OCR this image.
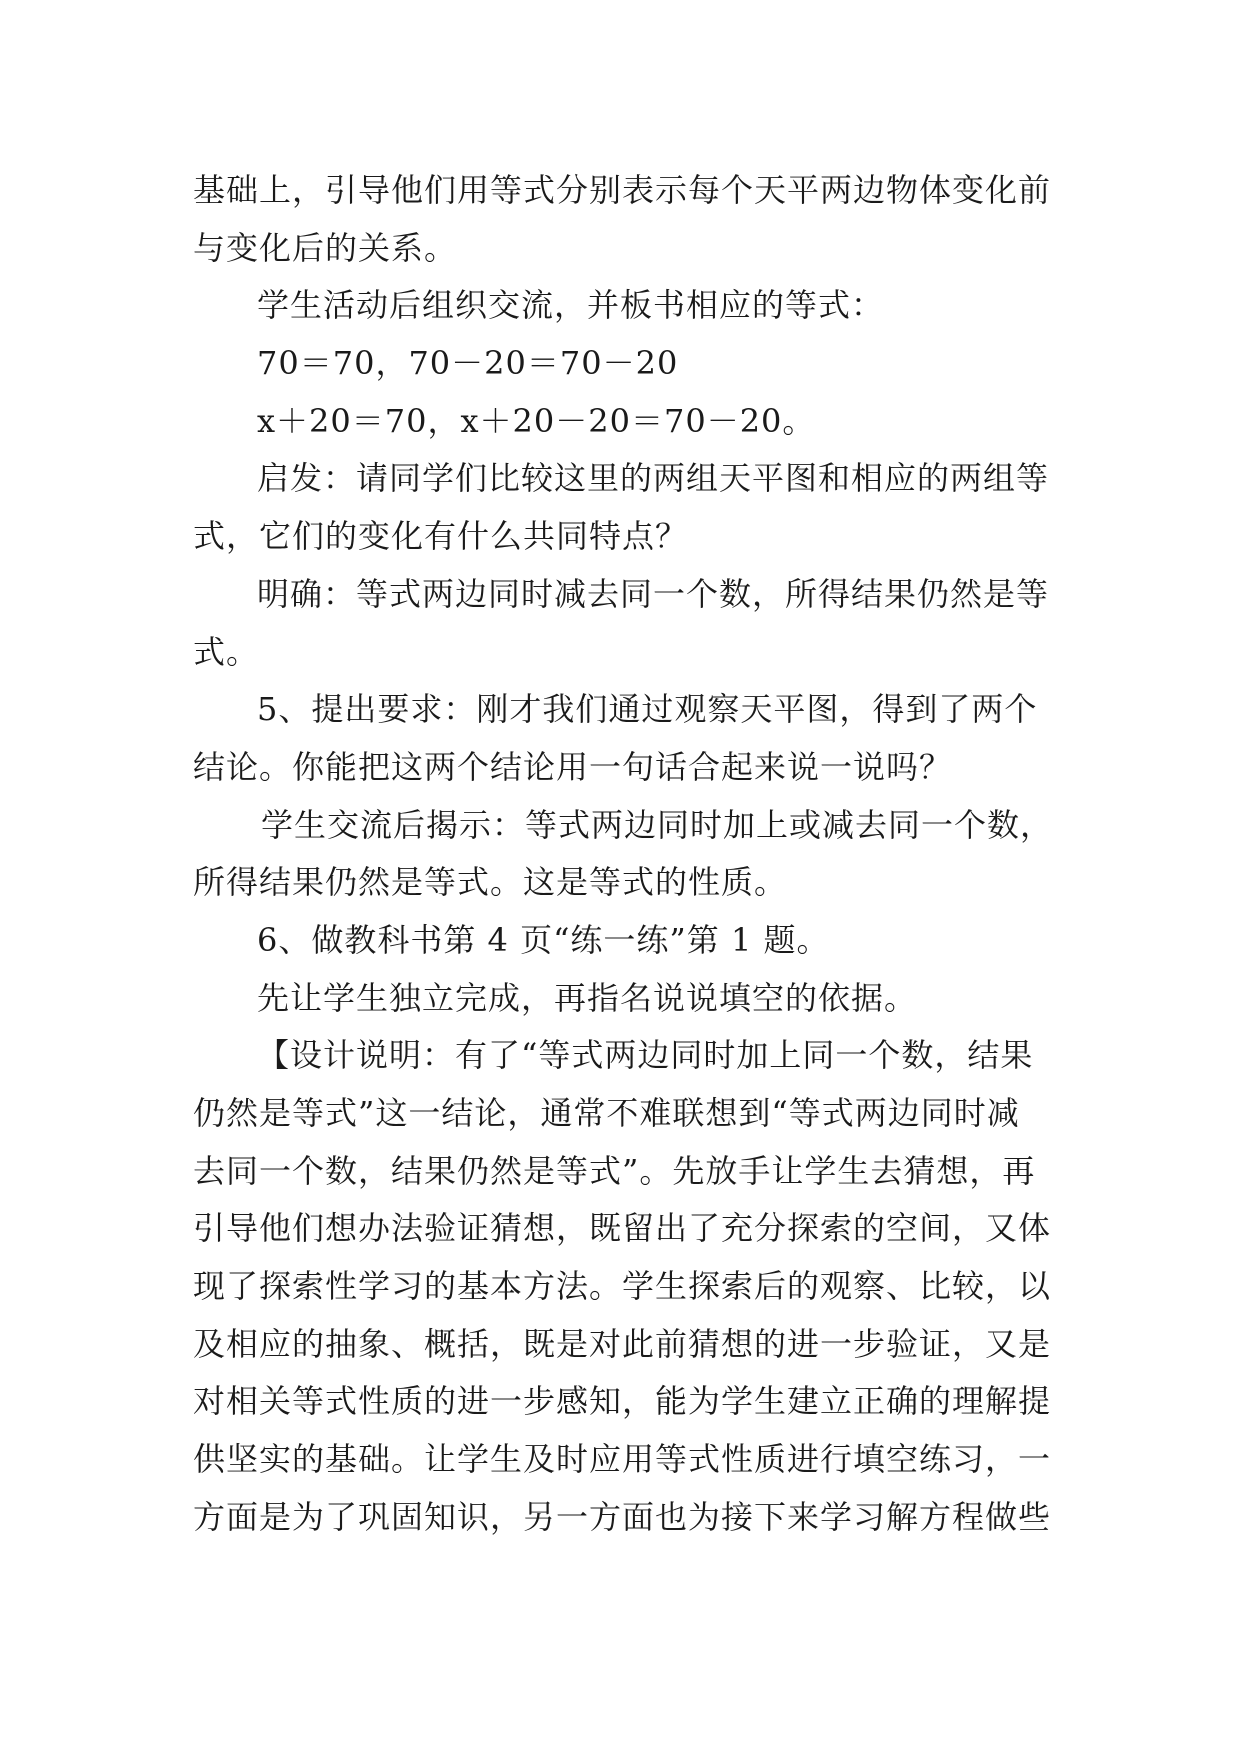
基础上，引导他们用等式分别表示每个天平两边物体变化前
与变化后的关系。
学生活动后组织交流，并板书相应的等式：
70＝70，70－20＝70－20
x＋20＝70，x＋20－20＝70－20。
启发：请同学们比较这里的两组天平图和相应的两组等
式，它们的变化有什么共同特点？
明确：等式两边同时减去同一个数，所得结果仍然是等
式。
5、提出要求：刚才我们通过观察天平图，得到了两个
结论。你能把这两个结论用一句话合起来说一说吗？
学生交流后揭示：等式两边同时加上或减去同一个数，
所得结果仍然是等式。这是等式的性质。
6、做教科书第 4 页“练一练”第 1 题。
先让学生独立完成，再指名说说填空的依据。
【设计说明：有了“等式两边同时加上同一个数，结果
仍然是等式”这一结论，通常不难联想到“等式两边同时减
去同一个数，结果仍然是等式”。先放手让学生去猜想，再
引导他们想办法验证猜想，既留出了充分探索的空间，又体
现了探索性学习的基本方法。学生探索后的观察、比较，以
及相应的抽象、概括，既是对此前猜想的进一步验证，又是
对相关等式性质的进一步感知，能为学生建立正确的理解提
供坚实的基础。让学生及时应用等式性质进行填空练习，一
方面是为了巩固知识，另一方面也为接下来学习解方程做些
